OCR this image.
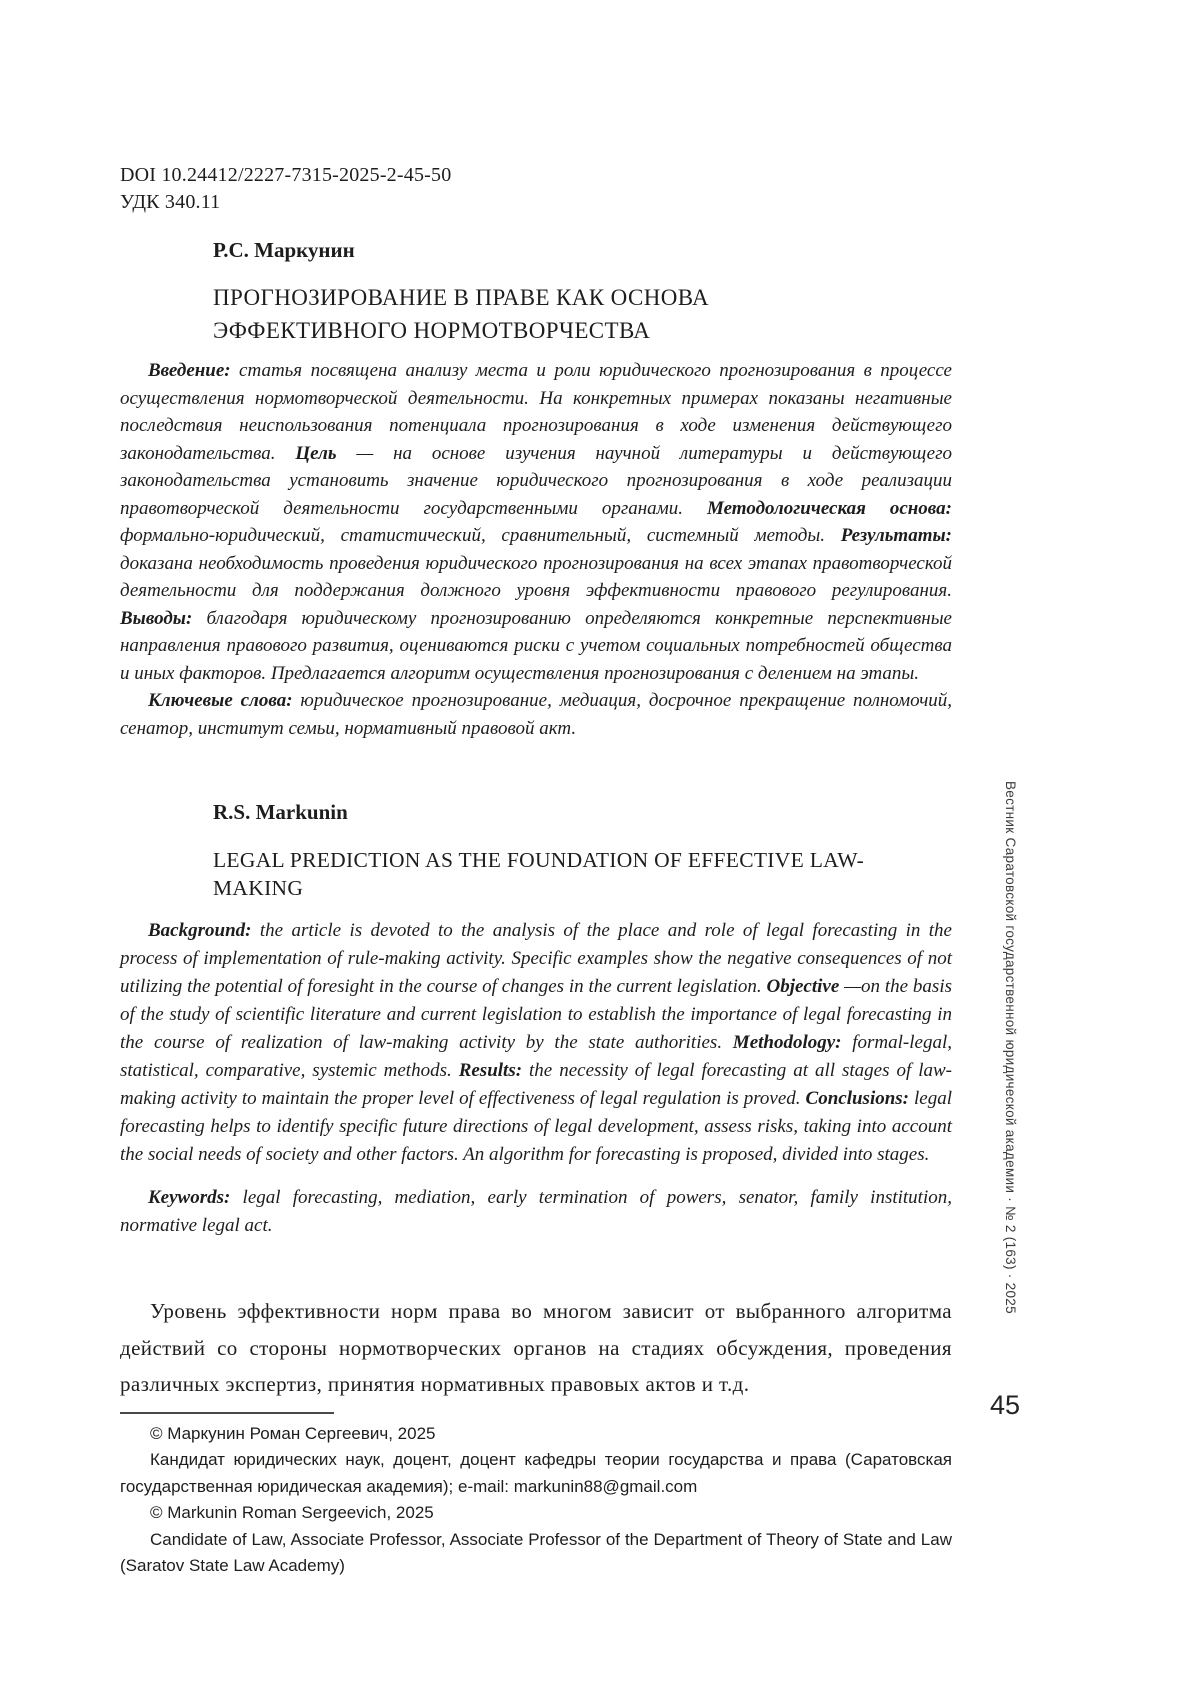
DOI 10.24412/2227-7315-2025-2-45-50
УДК 340.11
Р.С. Маркунин
ПРОГНОЗИРОВАНИЕ В ПРАВЕ КАК ОСНОВА
ЭФФЕКТИВНОГО НОРМОТВОРЧЕСТВА

Введение: статья посвящена анализу места и роли юридического прогнозирования в процессе осуществления нормотворческой деятельности. На конкретных примерах показаны негативные последствия неиспользования потенциала прогнозирования в ходе изменения действующего законодательства. Цель — на основе изучения научной литературы и действующего законодательства установить значение юридического прогнозирования в ходе реализации правотворческой деятельности государственными органами. Методологическая основа: формально-юридический, статистический, сравнительный, системный методы. Результаты: доказана необходимость проведения юридического прогнозирования на всех этапах правотворческой деятельности для поддержания должного уровня эффективности правового регулирования. Выводы: благодаря юридическому прогнозированию определяются конкретные перспективные направления правового развития, оцениваются риски с учетом социальных потребностей общества и иных факторов. Предлагается алгоритм осуществления прогнозирования с делением на этапы.

Ключевые слова: юридическое прогнозирование, медиация, досрочное прекращение полномочий, сенатор, институт семьи, нормативный правовой акт.

R.S. Markunin
LEGAL PREDICTION AS THE FOUNDATION OF EFFECTIVE LAW-MAKING

Background: the article is devoted to the analysis of the place and role of legal forecasting in the process of implementation of rule-making activity. Specific examples show the negative consequences of not utilizing the potential of foresight in the course of changes in the current legislation. Objective —on the basis of the study of scientific literature and current legislation to establish the importance of legal forecasting in the course of realization of law-making activity by the state authorities. Methodology: formal-legal, statistical, comparative, systemic methods. Results: the necessity of legal forecasting at all stages of law-making activity to maintain the proper level of effectiveness of legal regulation is proved. Conclusions: legal forecasting helps to identify specific future directions of legal development, assess risks, taking into account the social needs of society and other factors. An algorithm for forecasting is proposed, divided into stages.

Keywords: legal forecasting, mediation, early termination of powers, senator, family institution, normative legal act.

Уровень эффективности норм права во многом зависит от выбранного алгоритма действий со стороны нормотворческих органов на стадиях обсуждения, проведения различных экспертиз, принятия нормативных правовых актов и т.д.

© Маркунин Роман Сергеевич, 2025

Кандидат юридических наук, доцент, доцент кафедры теории государства и права (Саратовская государственная юридическая академия); e-mail: markunin88@gmail.com

© Markunin Roman Sergeevich, 2025

Candidate of Law, Associate Professor, Associate Professor of the Department of Theory of State and Law (Saratov State Law Academy)

Вестник Саратовской государственной юридической академии · № 2 (163) · 2025
45
